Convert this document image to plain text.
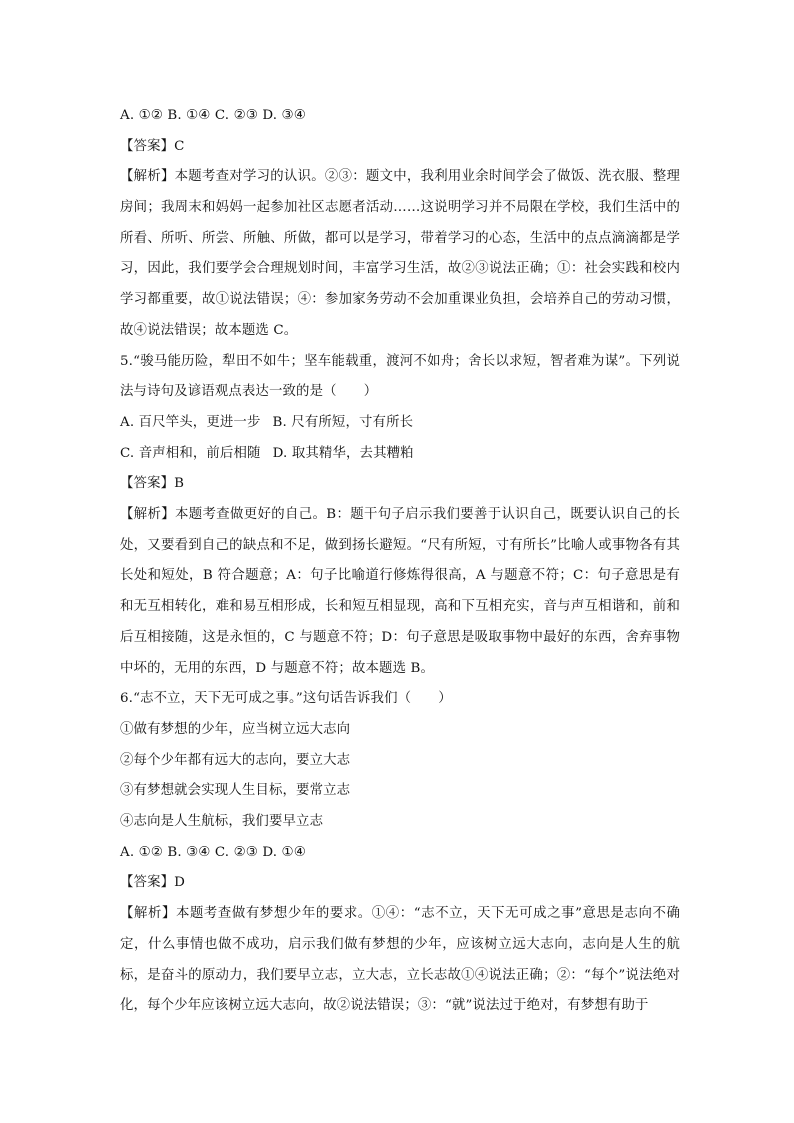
A. ①② B. ①④ C. ②③ D. ③④
【答案】C
【解析】本题考查对学习的认识。②③：题文中，我利用业余时间学会了做饭、洗衣服、整理房间；我周末和妈妈一起参加社区志愿者活动……这说明学习并不局限在学校，我们生活中的所看、所听、所尝、所触、所做，都可以是学习，带着学习的心态，生活中的点点滴滴都是学习，因此，我们要学会合理规划时间，丰富学习生活，故②③说法正确；①：社会实践和校内学习都重要，故①说法错误；④：参加家务劳动不会加重课业负担，会培养自己的劳动习惯，故④说法错误；故本题选 C。
5.“骏马能历险，犁田不如牛；坚车能载重，渡河不如舟；舍长以求短，智者难为谋”。下列说法与诗句及谚语观点表达一致的是（　　）
A. 百尺竿头，更进一步 B. 尺有所短，寸有所长
C. 音声相和，前后相随 D. 取其精华，去其糟粕
【答案】B
【解析】本题考查做更好的自己。B：题干句子启示我们要善于认识自己，既要认识自己的长处，又要看到自己的缺点和不足，做到扬长避短。“尺有所短，寸有所长”比喻人或事物各有其长处和短处，B 符合题意；A：句子比喻道行修炼得很高，A 与题意不符；C：句子意思是有和无互相转化，难和易互相形成，长和短互相显现，高和下互相充实，音与声互相谐和，前和后互相接随，这是永恒的，C 与题意不符；D：句子意思是吸取事物中最好的东西，舍弃事物中坏的，无用的东西，D 与题意不符；故本题选 B。
6.“志不立，天下无可成之事。”这句话告诉我们（　　）
①做有梦想的少年，应当树立远大志向
②每个少年都有远大的志向，要立大志
③有梦想就会实现人生目标，要常立志
④志向是人生航标，我们要早立志
A. ①② B. ③④ C. ②③ D. ①④
【答案】D
【解析】本题考查做有梦想少年的要求。①④：“志不立，天下无可成之事”意思是志向不确定，什么事情也做不成功，启示我们做有梦想的少年，应该树立远大志向，志向是人生的航标，是奋斗的原动力，我们要早立志，立大志，立长志故①④说法正确；②：“每个”说法绝对化，每个少年应该树立远大志向，故②说法错误；③：“就”说法过于绝对，有梦想有助于
